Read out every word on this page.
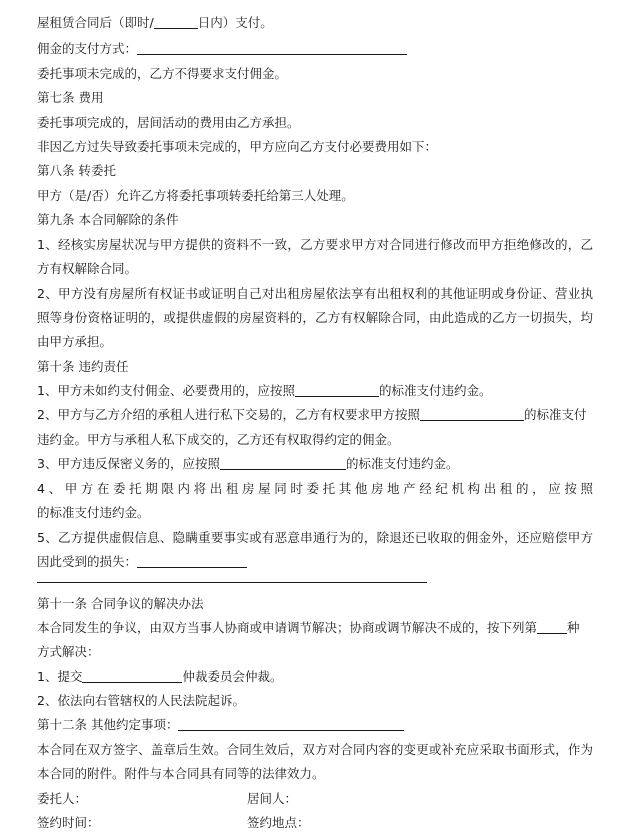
屋租赁合同后（即时/	日内）支付。
佣金的支付方式：
委托事项未完成的，乙方不得要求支付佣金。
第七条 费用
委托事项完成的，居间活动的费用由乙方承担。
非因乙方过失导致委托事项未完成的，甲方应向乙方支付必要费用如下：
第八条 转委托
甲方（是/否）允许乙方将委托事项转委托给第三人处理。
第九条 本合同解除的条件
1、经核实房屋状况与甲方提供的资料不一致，乙方要求甲方对合同进行修改而甲方拒绝修改的，乙
方有权解除合同。
2、甲方没有房屋所有权证书或证明自己对出租房屋依法享有出租权利的其他证明或身份证、营业执
照等身份资格证明的，或提供虚假的房屋资料的，乙方有权解除合同，由此造成的乙方一切损失，均
由甲方承担。
第十条 违约责任
1、甲方未如约支付佣金、必要费用的，应按照	的标准支付违约金。
2、甲方与乙方介绍的承租人进行私下交易的，乙方有权要求甲方按照	的标准支付
违约金。甲方与承租人私下成交的，乙方还有权取得约定的佣金。
3、甲方违反保密义务的，应按照	的标准支付违约金。
4、甲方在委托期限内将出租房屋同时委托其他房地产经纪机构出租的，应按照
的标准支付违约金。
5、乙方提供虚假信息、隐瞒重要事实或有恶意串通行为的，除退还已收取的佣金外，还应赔偿甲方
因此受到的损失：
第十一条 合同争议的解决办法
本合同发生的争议，由双方当事人协商或申请调节解决；协商或调节解决不成的，按下列第 种
方式解决：
1、提交	仲裁委员会仲裁。
2、依法向右管辖权的人民法院起诉。
第十二条 其他约定事项：
本合同在双方签字、盖章后生效。合同生效后，双方对合同内容的变更或补充应采取书面形式，作为
本合同的附件。附件与本合同具有同等的法律效力。
委托人：	居间人：
签约时间：	签约地点：
